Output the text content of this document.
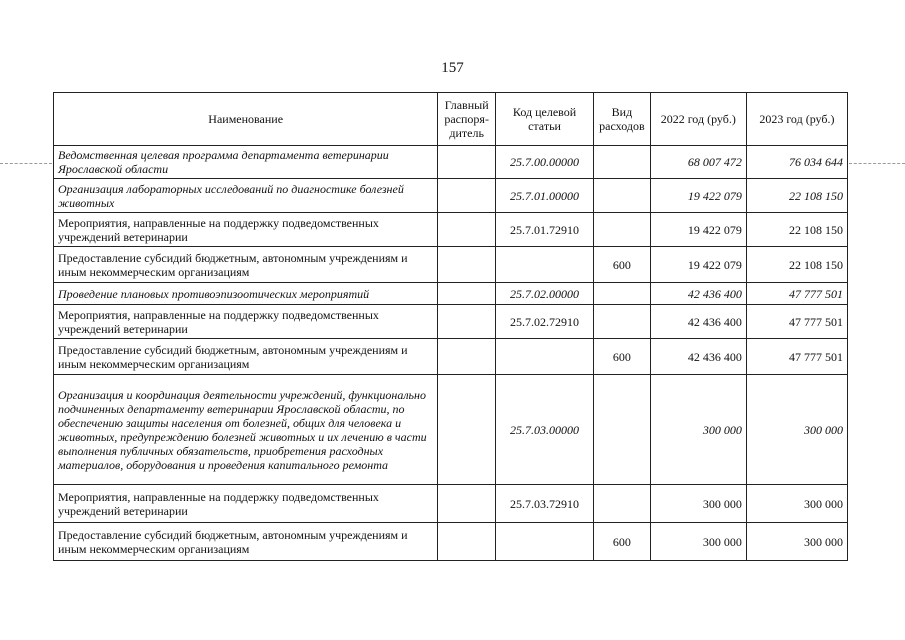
157
Наименование	Главный распоря-дитель	Код целевой статьи	Вид расходов	2022 год (руб.)	2023 год (руб.)
Ведомственная целевая программа департамента ветеринарии Ярославской области		25.7.00.00000		68 007 472	76 034 644
Организация лабораторных исследований по диагностике болезней животных		25.7.01.00000		19 422 079	22 108 150
Мероприятия, направленные на поддержку подведомственных учреждений ветеринарии		25.7.01.72910		19 422 079	22 108 150
Предоставление субсидий бюджетным, автономным учреждениям и иным некоммерческим организациям			600	19 422 079	22 108 150
Проведение плановых противоэпизоотических мероприятий		25.7.02.00000		42 436 400	47 777 501
Мероприятия, направленные на поддержку подведомственных учреждений ветеринарии		25.7.02.72910		42 436 400	47 777 501
Предоставление субсидий бюджетным, автономным учреждениям и иным некоммерческим организациям			600	42 436 400	47 777 501
Организация и координация деятельности учреждений, функционально подчиненных департаменту ветеринарии Ярославской области, по обеспечению защиты населения от болезней, общих для человека и животных, предупреждению болезней животных и их лечению в части выполнения публичных обязательств, приобретения расходных материалов, оборудования и проведения капитального ремонта		25.7.03.00000		300 000	300 000
Мероприятия, направленные на поддержку подведомственных учреждений ветеринарии		25.7.03.72910		300 000	300 000
Предоставление субсидий бюджетным, автономным учреждениям и иным некоммерческим организациям			600	300 000	300 000
